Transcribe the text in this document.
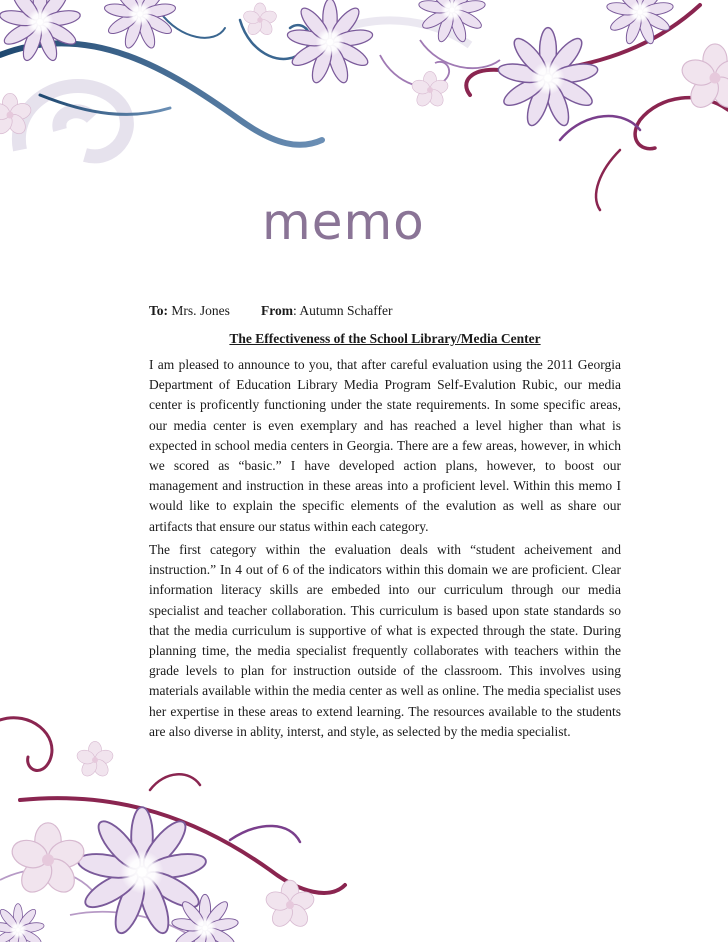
memo
To: Mrs. Jones From: Autumn Schaffer
The Effectiveness of the School Library/Media Center

I am pleased to announce to you, that after careful evaluation using the 2011 Georgia Department of Education Library Media Program Self-Evalution Rubic, our media center is proficently functioning under the state requirements. In some specific areas, our media center is even exemplary and has reached a level higher than what is expected in school media centers in Georgia. There are a few areas, however, in which we scored as “basic.” I have developed action plans, however, to boost our management and instruction in these areas into a proficient level. Within this memo I would like to explain the specific elements of the evalution as well as share our artifacts that ensure our status within each category.

The first category within the evaluation deals with “student acheivement and instruction.” In 4 out of 6 of the indicators within this domain we are proficient. Clear information literacy skills are embeded into our curriculum through our media specialist and teacher collaboration. This curriculum is based upon state standards so that the media curriculum is supportive of what is expected through the state. During planning time, the media specialist frequently collaborates with teachers within the grade levels to plan for instruction outside of the classroom. This involves using materials available within the media center as well as online. The media specialist uses her expertise in these areas to extend learning. The resources available to the students are also diverse in ablity, interst, and style, as selected by the media specialist.
